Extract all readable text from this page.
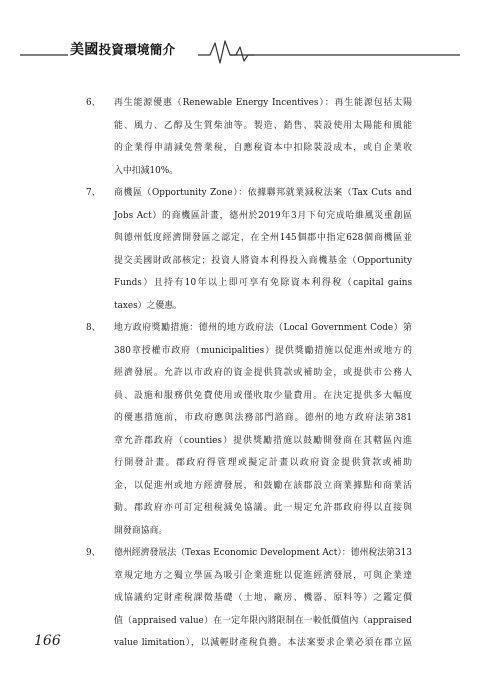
美國投資環境簡介
6、	再生能源優惠（Renewable Energy Incentives）：再生能源包括太陽
能、風力、乙醇及生質柴油等。製造、銷售、裝設使用太陽能和風能
的企業得申請減免營業稅，自應稅資本中扣除裝設成本，或自企業收
入中扣減10%。
7、	商機區（Opportunity Zone）：依據聯邦就業減稅法案（Tax Cuts and
Jobs Act）的商機區計畫，德州於2019年3月下旬完成哈維風災重創區
與德州低度經濟開發區之認定，在全州145個郡中指定628個商機區並
提交美國財政部核定；投資人將資本利得投入商機基金（Opportunity
Funds）且持有10年以上即可享有免除資本利得稅（capital gains
taxes）之優惠。
8、	地方政府獎勵措施：德州的地方政府法（Local Government Code）第
380章授權市政府（municipalities）提供獎勵措施以促進州或地方的
經濟發展。允許以市政府的資金提供貸款或補助金，或提供市公務人
員、設施和服務供免費使用或僅收取少量費用。在決定提供多大幅度
的優惠措施前，市政府應與法務部門諮商。德州的地方政府法第381
章允許郡政府（counties）提供獎勵措施以鼓勵開發商在其轄區內進
行開發計畫。郡政府得管理或擬定計畫以政府資金提供貸款或補助
金，以促進州或地方經濟發展，和鼓勵在該郡設立商業據點和商業活
動。郡政府亦可訂定租稅減免協議。此一規定允許郡政府得以直接與
開發商協商。
9、	德州經濟發展法（Texas Economic Development Act）：德州稅法第313
章規定地方之獨立學區為吸引企業進駐以促進經濟發展，可與企業達
成協議約定財產稅課徵基礎（土地、廠房、機器、原料等）之鑑定價
值（appraised value）在一定年限內將限制在一較低價值內（appraised
value limitation），以減輕財產稅負擔。本法案要求企業必須在郡立區
166
